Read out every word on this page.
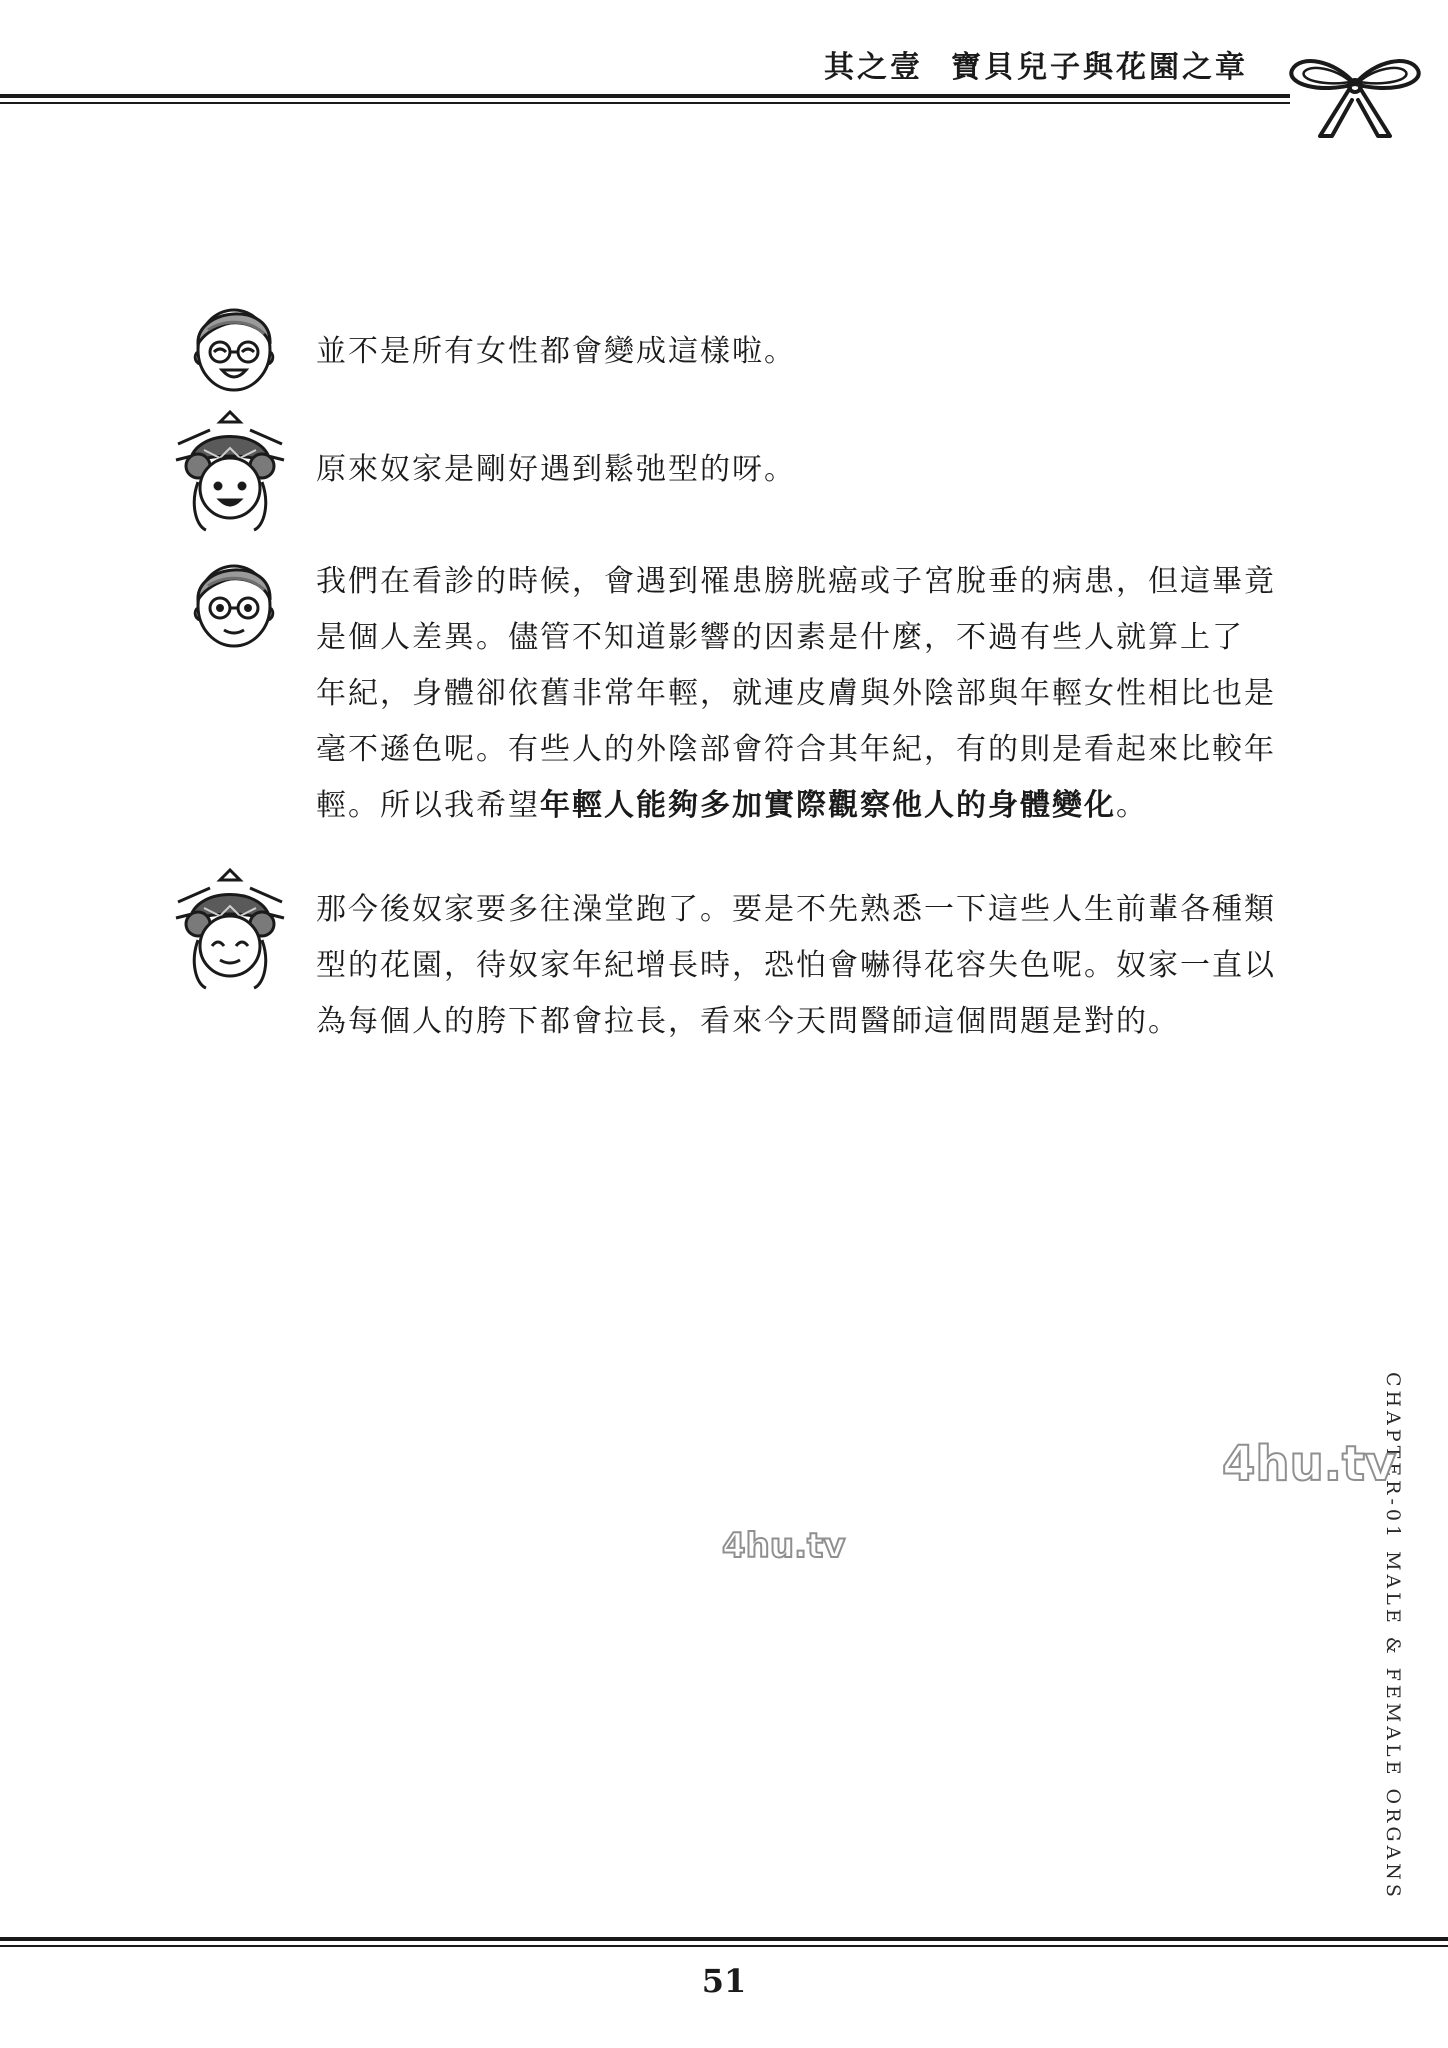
其之壹 寶貝兒子與花園之章
並不是所有女性都會變成這樣啦。
原來奴家是剛好遇到鬆弛型的呀。
我們在看診的時候，會遇到罹患膀胱癌或子宮脫垂的病患，但這畢竟
是個人差異。儘管不知道影響的因素是什麼，不過有些人就算上了
年紀，身體卻依舊非常年輕，就連皮膚與外陰部與年輕女性相比也是
毫不遜色呢。有些人的外陰部會符合其年紀，有的則是看起來比較年
輕。所以我希望年輕人能夠多加實際觀察他人的身體變化。
那今後奴家要多往澡堂跑了。要是不先熟悉一下這些人生前輩各種類
型的花園，待奴家年紀增長時，恐怕會嚇得花容失色呢。奴家一直以
為每個人的胯下都會拉長，看來今天問醫師這個問題是對的。
CHAPTER-01 MALE & FEMALE ORGANS
4hu.tv
4hu.tv
51
